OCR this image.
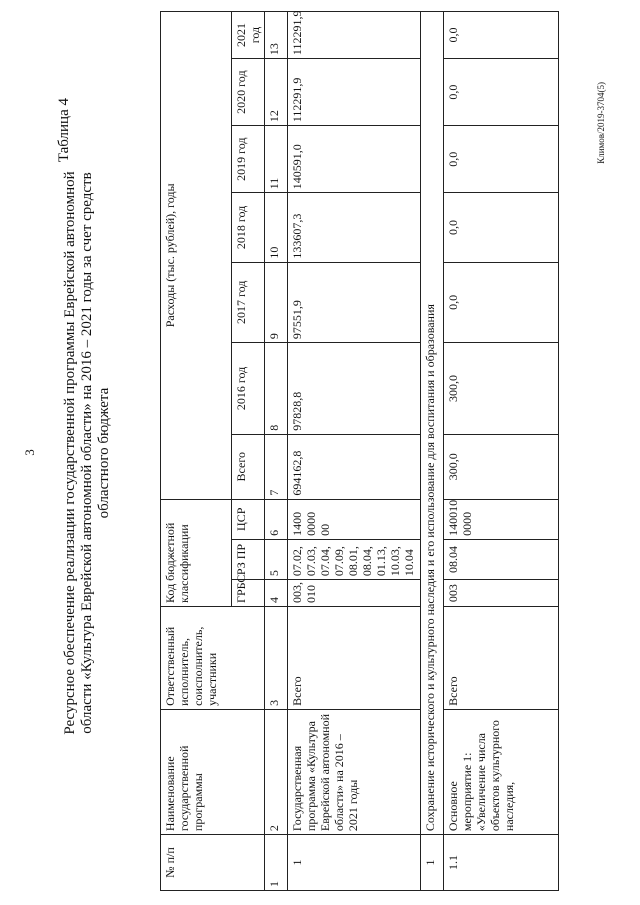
3
Таблица 4
Ресурсное обеспечение реализации государственной программы Еврейской автономной области «Культура Еврейской автономной области» на 2016 – 2021 годы за счет средств областного бюджета
№ п/п	Наименование государственной программы	Ответственный исполнитель, соисполнитель, участники	Код бюджетной классификации			Расходы (тыс. рублей), годы						
			ГРБС	РЗ ПР	ЦСР	Всего	2016 год	2017 год	2018 год	2019 год	2020 год	2021 год
1	2	3	4	5	6	7	8	9	10	11	12	13
1	Государственная программа «Культура Еврейской автономной области» на 2016 – 2021 годы	Всего	003, 010	07.02, 07.03, 07.04, 07.09, 08.01, 08.04, 01.13, 10.03, 10.04	1400 0000 00	694162,8	97828,8	97551,9	133607,3	140591,0	112291,9	112291,9
1	Сохранение исторического и культурного наследия и его использование для воспитания и образования											
1.1	Основное мероприятие 1: «Увеличение числа объектов культурного наследия,	Всего	003	08.04	140010 0000	300,0	300,0	0,0	0,0	0,0	0,0	0,0
Климов/2019-3704(5)
